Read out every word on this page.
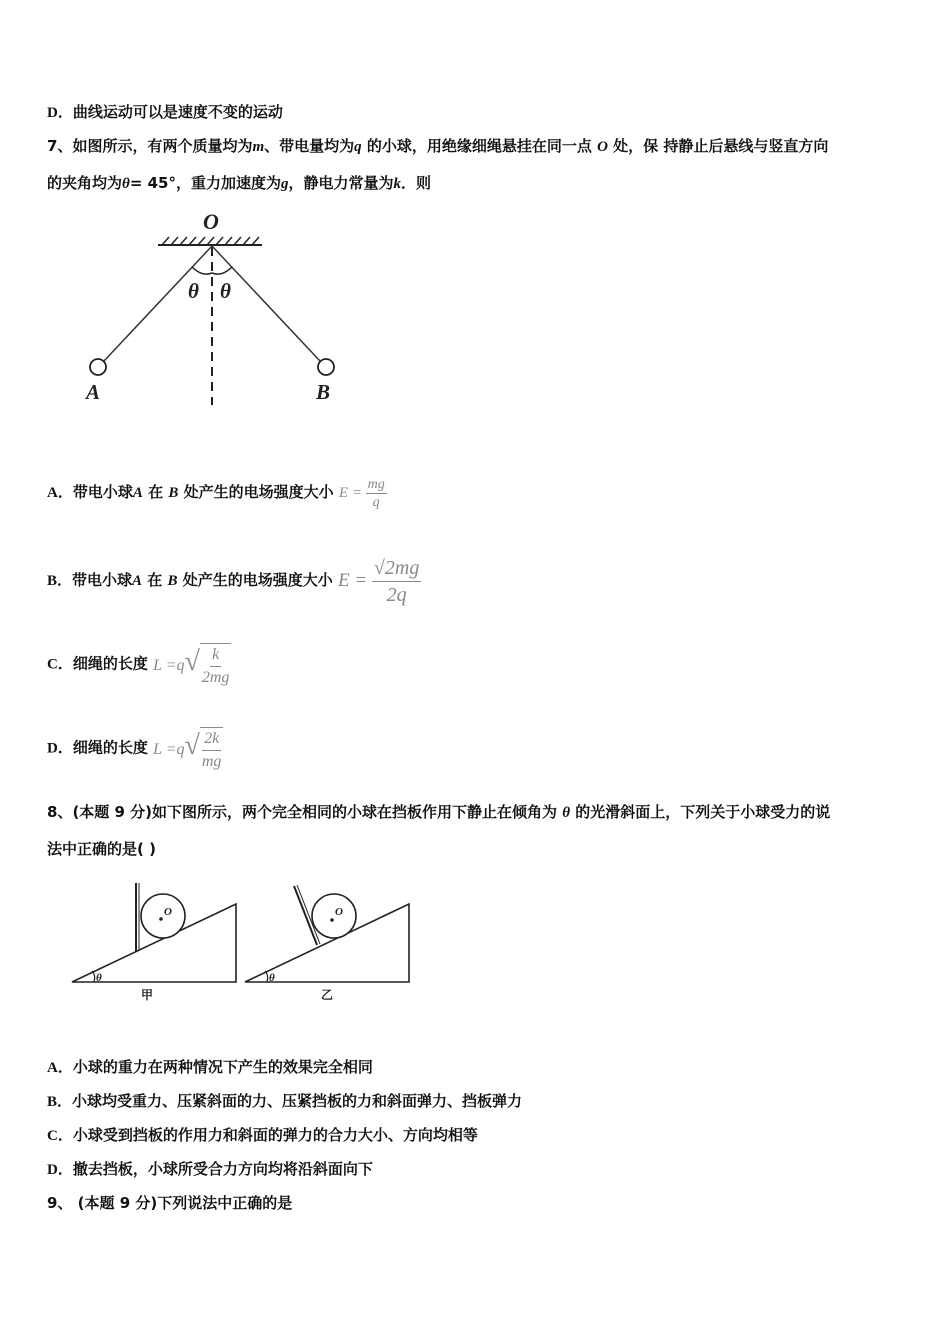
D．曲线运动可以是速度不变的运动
7、如图所示，有两个质量均为m、带电量均为q 的小球，用绝缘细绳悬挂在同一点 O 处，保 持静止后悬线与竖直方向
的夹角均为θ= 45°，重力加速度为g，静电力常量为k．则
O
θ θ
A	B
A．带电小球A 在 B 处产生的电场强度大小 $E = \frac{mg}{q}$
B．带电小球A 在 B 处产生的电场强度大小 $E = \frac{√2mg}{2q}$
C．细绳的长度 $L =q√ \frac{k}{2mg}$
D．细绳的长度 $L =q√ \frac{2k}{mg}$
8、(本题 9 分)如下图所示，两个完全相同的小球在挡板作用下静止在倾角为 θ 的光滑斜面上，下列关于小球受力的说
法中正确的是( )
O
θ
甲
O
θ
乙
A．小球的重力在两种情况下产生的效果完全相同
B．小球均受重力、压紧斜面的力、压紧挡板的力和斜面弹力、挡板弹力
C．小球受到挡板的作用力和斜面的弹力的合力大小、方向均相等
D．撤去挡板，小球所受合力方向均将沿斜面向下
9、 (本题 9 分)下列说法中正确的是
